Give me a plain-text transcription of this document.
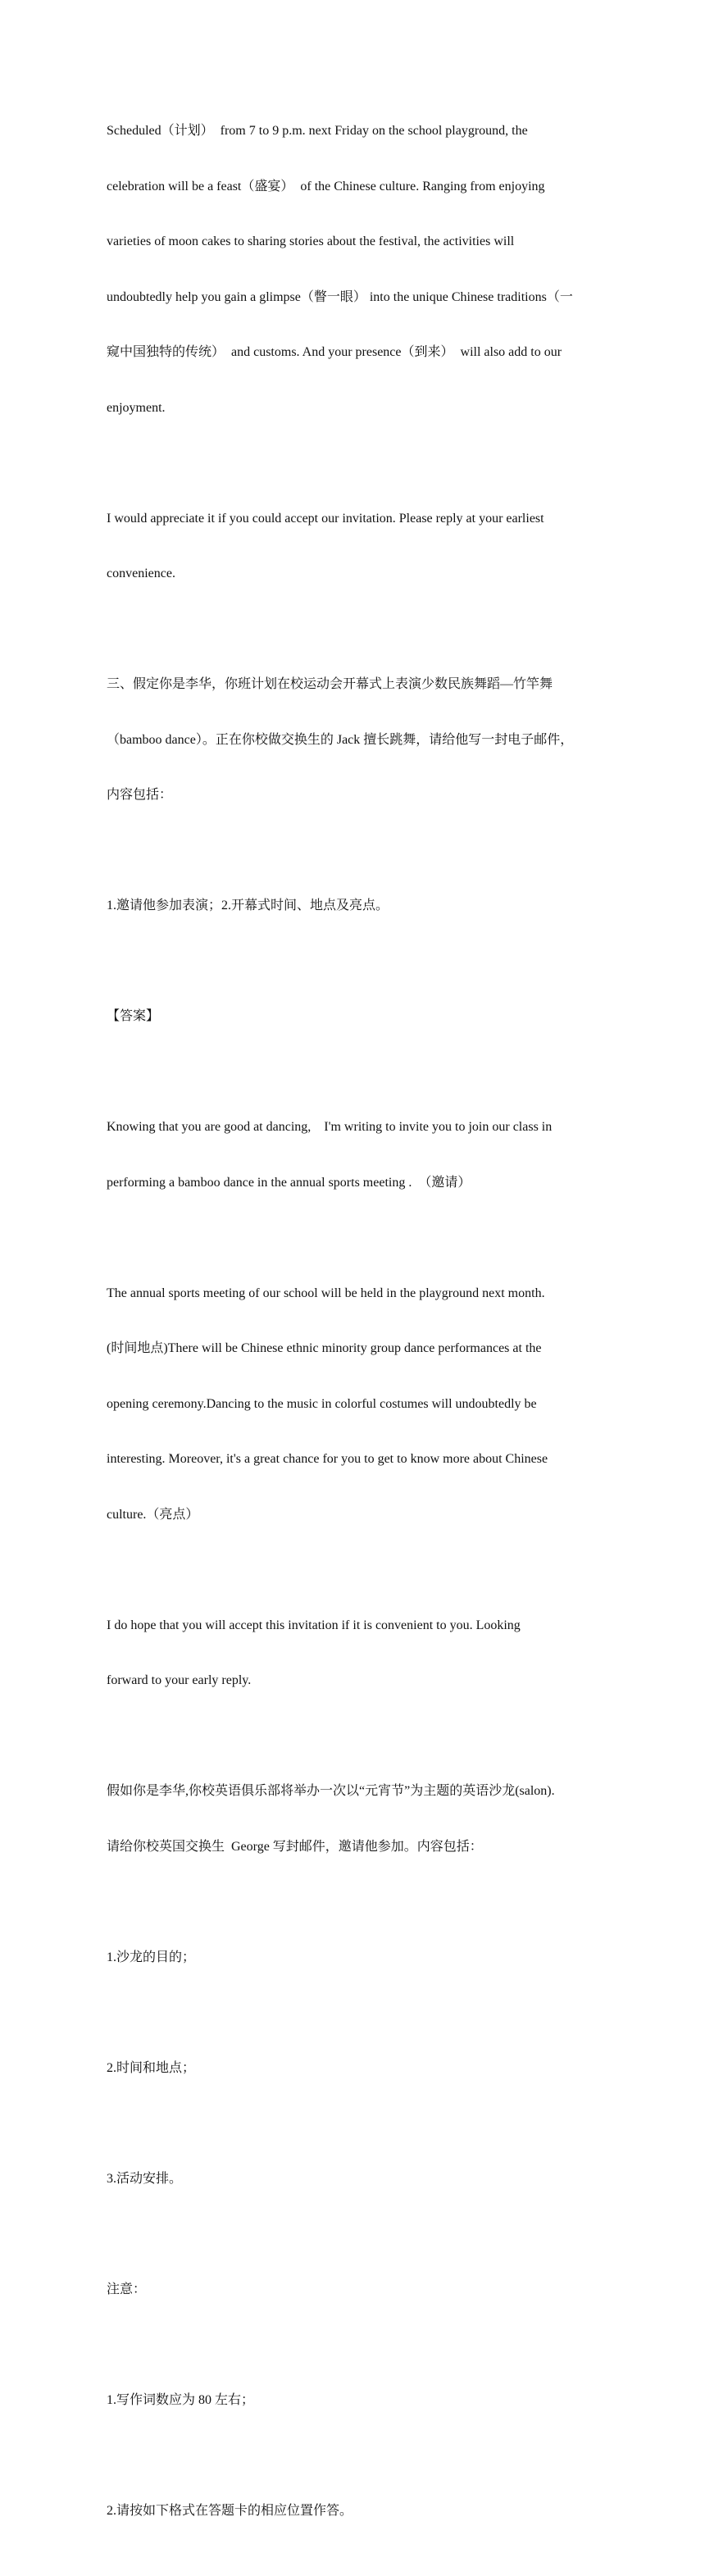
Scheduled（计划）  from 7 to 9 p.m. next Friday on the school playground, the

celebration will be a feast（盛宴）  of the Chinese culture. Ranging from enjoying

varieties of moon cakes to sharing stories about the festival, the activities will

undoubtedly help you gain a glimpse（瞥一眼） into the unique Chinese traditions（一

窥中国独特的传统）  and customs. And your presence（到来）  will also add to our

enjoyment.

I would appreciate it if you could accept our invitation. Please reply at your earliest

convenience.

三、假定你是李华，你班计划在校运动会开幕式上表演少数民族舞蹈—竹竿舞

（bamboo dance）。正在你校做交换生的 Jack 擅长跳舞，请给他写一封电子邮件，

内容包括：

1.邀请他参加表演；2.开幕式时间、地点及亮点。

【答案】

Knowing that you are good at dancing,    I'm writing to invite you to join our class in

performing a bamboo dance in the annual sports meeting .  （邀请）

The annual sports meeting of our school will be held in the playground next month.

(时间地点)There will be Chinese ethnic minority group dance performances at the

opening ceremony.Dancing to the music in colorful costumes will undoubtedly be

interesting. Moreover, it's a great chance for you to get to know more about Chinese

culture.（亮点）

I do hope that you will accept this invitation if it is convenient to you. Looking

forward to your early reply.

假如你是李华,你校英语俱乐部将举办一次以“元宵节”为主题的英语沙龙(salon).

请给你校英国交换生  George 写封邮件，邀请他参加。内容包括：

1.沙龙的目的；

2.时间和地点；

3.活动安排。

注意：

1.写作词数应为 80 左右；

2.请按如下格式在答题卡的相应位置作答。
